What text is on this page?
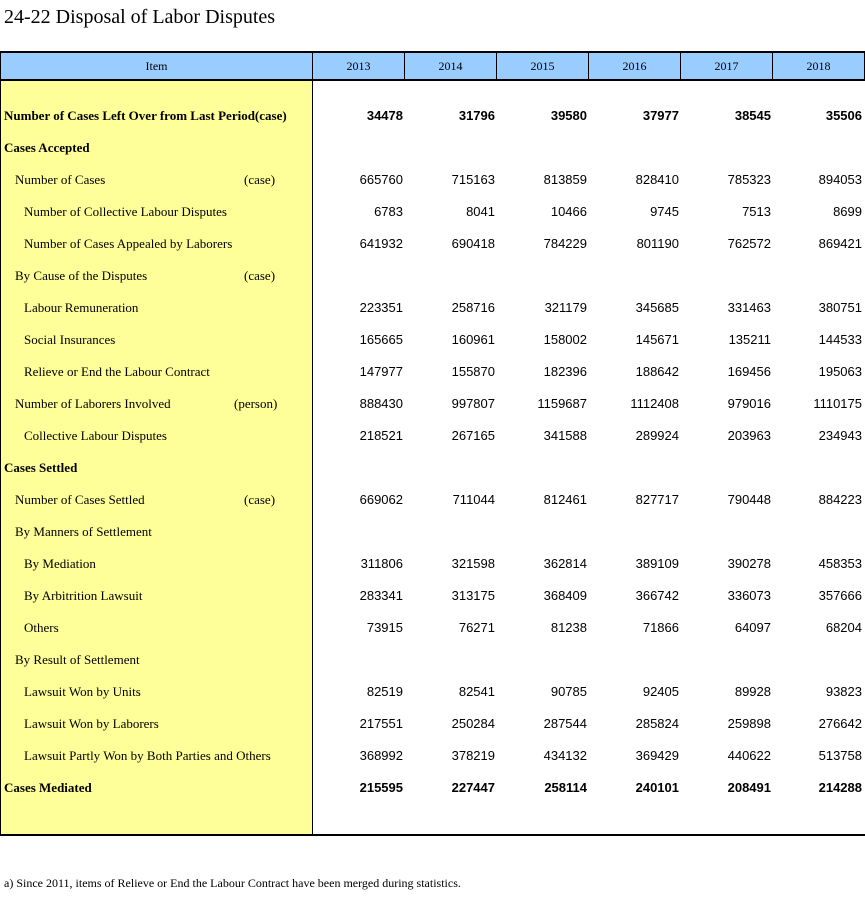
24-22 Disposal of Labor Disputes
Item	2013	2014	2015	2016	2017	2018
Number of Cases Left Over from Last Period(case)	34478	31796	39580	37977	38545	35506
Cases Accepted
Number of Cases	(case)	665760	715163	813859	828410	785323	894053
Number of Collective Labour Disputes	6783	8041	10466	9745	7513	8699
Number of Cases Appealed by Laborers	641932	690418	784229	801190	762572	869421
By Cause of the Disputes	(case)
Labour Remuneration	223351	258716	321179	345685	331463	380751
Social Insurances	165665	160961	158002	145671	135211	144533
Relieve or End the Labour Contract	147977	155870	182396	188642	169456	195063
Number of Laborers Involved	(person)	888430	997807	1159687	1112408	979016	1110175
Collective Labour Disputes	218521	267165	341588	289924	203963	234943
Cases Settled
Number of Cases Settled	(case)	669062	711044	812461	827717	790448	884223
By Manners of Settlement
By Mediation	311806	321598	362814	389109	390278	458353
By Arbitrition Lawsuit	283341	313175	368409	366742	336073	357666
Others	73915	76271	81238	71866	64097	68204
By Result of Settlement
Lawsuit Won by Units	82519	82541	90785	92405	89928	93823
Lawsuit Won by Laborers	217551	250284	287544	285824	259898	276642
Lawsuit Partly Won by Both Parties and Others	368992	378219	434132	369429	440622	513758
Cases Mediated	215595	227447	258114	240101	208491	214288
a) Since 2011, items of Relieve or End the Labour Contract have been merged during statistics.
